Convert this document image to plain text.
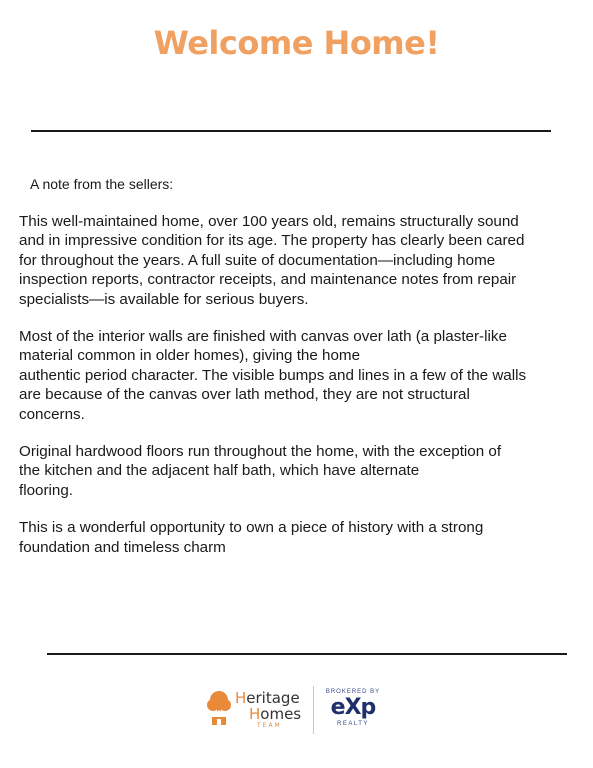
Welcome Home!
A note from the sellers:

This well-maintained home, over 100 years old, remains structurally sound
and in impressive condition for its age. The property has clearly been cared
for throughout the years. A full suite of documentation—including home
inspection reports, contractor receipts, and maintenance notes from repair
specialists—is available for serious buyers.

Most of the interior walls are finished with canvas over lath (a plaster-like
material common in older homes), giving the home
authentic period character. The visible bumps and lines in a few of the walls
are because of the canvas over lath method, they are not structural
concerns.

Original hardwood floors run throughout the home, with the exception of
the kitchen and the adjacent half bath, which have alternate
flooring.

This is a wonderful opportunity to own a piece of history with a strong
foundation and timeless charm

Heritage
Homes
TEAM
BROKERED BY
eXp
REALTY
